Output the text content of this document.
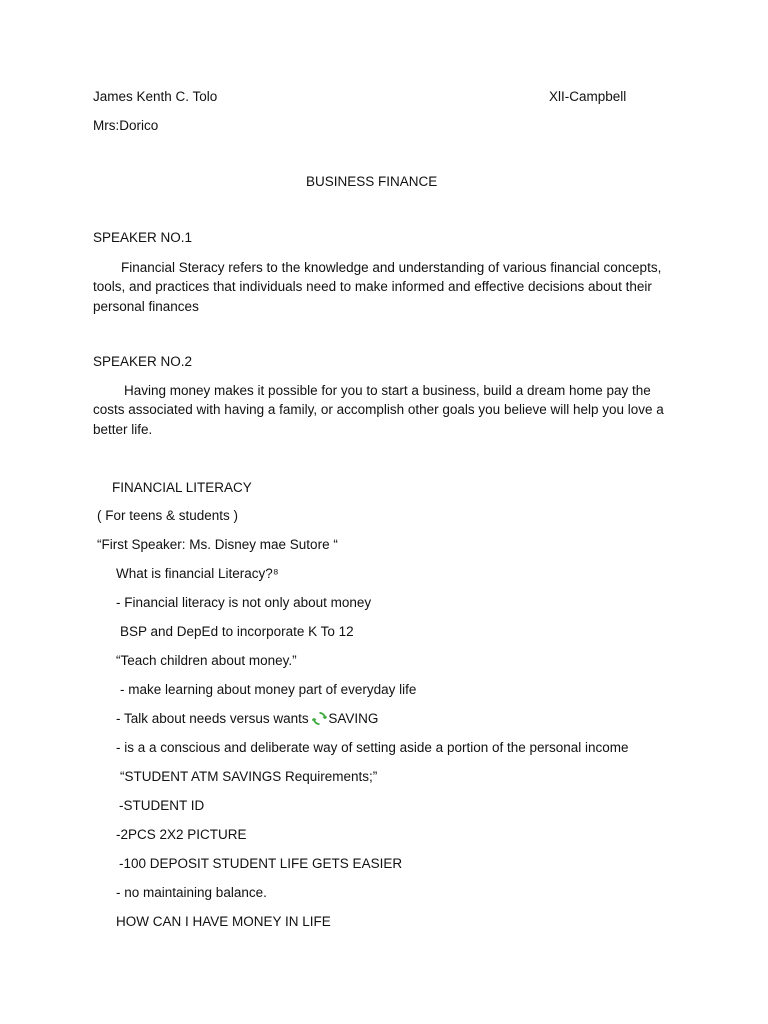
James Kenth C. Tolo	XlI-Campbell
Mrs:Dorico
BUSINESS FINANCE
SPEAKER NO.1
Financial Steracy refers to the knowledge and understanding of various financial concepts, tools, and practices that individuals need to make informed and effective decisions about their personal finances
SPEAKER NO.2
Having money makes it possible for you to start a business, build a dream home pay the costs associated with having a family, or accomplish other goals you believe will help you love a better life.
FINANCIAL LITERACY
( For teens & students )
“First Speaker: Ms. Disney mae Sutore “
What is financial Literacy?⁸
- Financial literacy is not only about money
BSP and DepEd to incorporate K To 12
“Teach children about money.”
- make learning about money part of everyday life
- Talk about needs versus wants SAVING
- is a a conscious and deliberate way of setting aside a portion of the personal income
“STUDENT ATM SAVINGS Requirements;”
-STUDENT ID
-2PCS 2X2 PICTURE
-100 DEPOSIT STUDENT LIFE GETS EASIER
- no maintaining balance.
HOW CAN I HAVE MONEY IN LIFE
